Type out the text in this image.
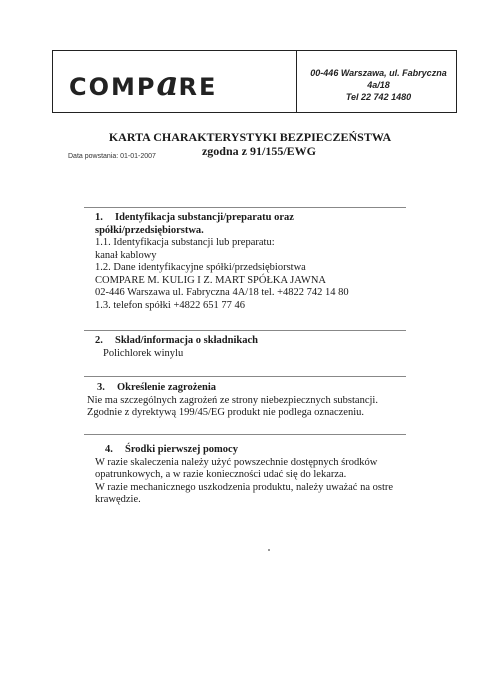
COMPaRE	00-446 Warszawa, ul. Fabryczna 4a/18
Tel 22 742 1480
KARTA CHARAKTERYSTYKI BEZPIECZEŃSTWA
zgodna z 91/155/EWG
Data powstania: 01-01-2007
1. Identyfikacja substancji/preparatu oraz
spółki/przedsiębiorstwa.
1.1. Identyfikacja substancji lub preparatu:
kanał kablowy
1.2. Dane identyfikacyjne spółki/przedsiębiorstwa
COMPARE M. KULIG I Z. MART SPÓŁKA JAWNA
02-446 Warszawa ul. Fabryczna 4A/18 tel. +4822 742 14 80
1.3. telefon spółki +4822 651 77 46
2. Skład/informacja o składnikach
Polichlorek winylu
3. Określenie zagrożenia
Nie ma szczególnych zagrożeń ze strony niebezpiecznych substancji.
Zgodnie z dyrektywą 199/45/EG produkt nie podlega oznaczeniu.
4. Środki pierwszej pomocy
W razie skaleczenia należy użyć powszechnie dostępnych środków
opatrunkowych, a w razie konieczności udać się do lekarza.
W razie mechanicznego uszkodzenia produktu, należy uważać na ostre
krawędzie.
